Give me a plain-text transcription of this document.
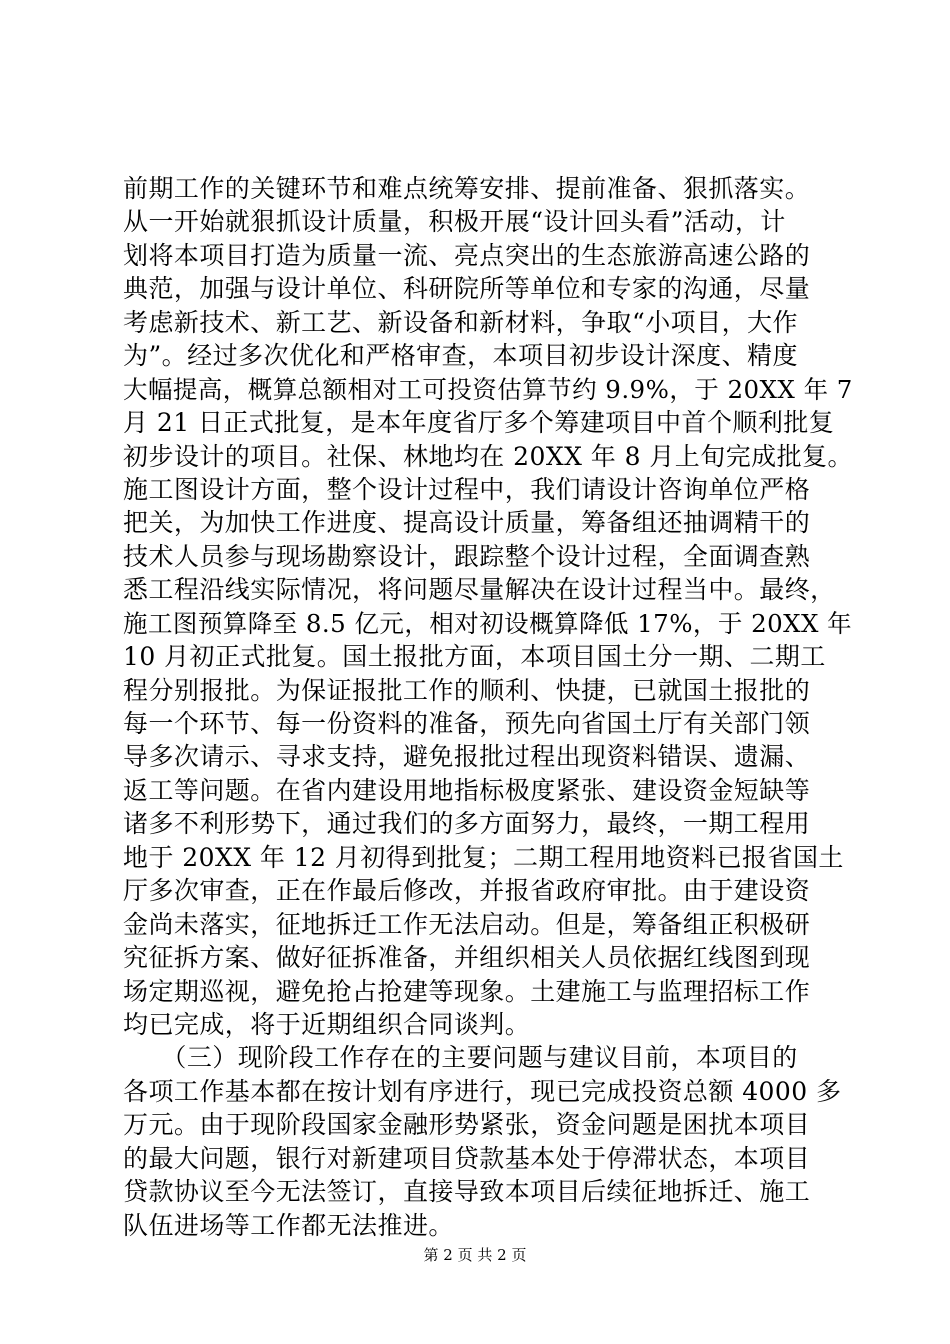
前期工作的关键环节和难点统筹安排、提前准备、狠抓落实。
从一开始就狠抓设计质量，积极开展“设计回头看”活动，计
划将本项目打造为质量一流、亮点突出的生态旅游高速公路的
典范，加强与设计单位、科研院所等单位和专家的沟通，尽量
考虑新技术、新工艺、新设备和新材料，争取“小项目，大作
为”。经过多次优化和严格审查，本项目初步设计深度、精度
大幅提高，概算总额相对工可投资估算节约 9.9%，于 20XX 年 7
月 21 日正式批复，是本年度省厅多个筹建项目中首个顺利批复
初步设计的项目。社保、林地均在 20XX 年 8 月上旬完成批复。
施工图设计方面，整个设计过程中，我们请设计咨询单位严格
把关，为加快工作进度、提高设计质量，筹备组还抽调精干的
技术人员参与现场勘察设计，跟踪整个设计过程，全面调查熟
悉工程沿线实际情况，将问题尽量解决在设计过程当中。最终，
施工图预算降至 8.5 亿元，相对初设概算降低 17%，于 20XX 年
10 月初正式批复。国土报批方面，本项目国土分一期、二期工
程分别报批。为保证报批工作的顺利、快捷，已就国土报批的
每一个环节、每一份资料的准备，预先向省国土厅有关部门领
导多次请示、寻求支持，避免报批过程出现资料错误、遗漏、
返工等问题。在省内建设用地指标极度紧张、建设资金短缺等
诸多不利形势下，通过我们的多方面努力，最终，一期工程用
地于 20XX 年 12 月初得到批复；二期工程用地资料已报省国土
厅多次审查，正在作最后修改，并报省政府审批。由于建设资
金尚未落实，征地拆迁工作无法启动。但是，筹备组正积极研
究征拆方案、做好征拆准备，并组织相关人员依据红线图到现
场定期巡视，避免抢占抢建等现象。土建施工与监理招标工作
均已完成，将于近期组织合同谈判。
　　（三）现阶段工作存在的主要问题与建议目前，本项目的
各项工作基本都在按计划有序进行，现已完成投资总额 4000 多
万元。由于现阶段国家金融形势紧张，资金问题是困扰本项目
的最大问题，银行对新建项目贷款基本处于停滞状态，本项目
贷款协议至今无法签订，直接导致本项目后续征地拆迁、施工
队伍进场等工作都无法推进。
第 2 页 共 2 页
